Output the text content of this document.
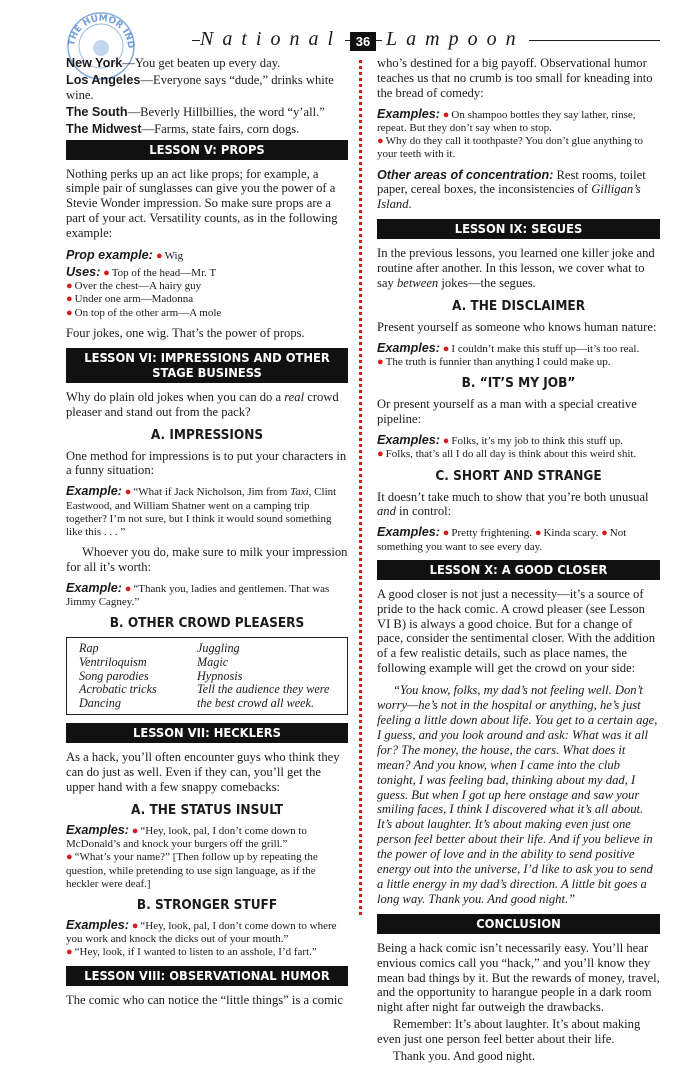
THE HUMOR IND	National	36 Lampoon

New York—You get beaten up every day.

Los Angeles—Everyone says “dude,” drinks white wine.

The South—Beverly Hillbillies, the word “y’all.”

The Midwest—Farms, state fairs, corn dogs.

LESSON V: PROPS

Nothing perks up an act like props; for example, a simple pair of sunglasses can give you the power of a Stevie Wonder impression. So make sure props are a part of your act. Versatility counts, as in the following example:

Prop example: ● Wig

Uses: ● Top of the head—Mr. T

● Over the chest—A hairy guy

● Under one arm—Madonna

● On top of the other arm—A mole

Four jokes, one wig. That’s the power of props.

LESSON VI: IMPRESSIONS AND OTHER
STAGE BUSINESS

Why do plain old jokes when you can do a real crowd pleaser and stand out from the pack?

A. IMPRESSIONS

One method for impressions is to put your characters in a funny situation:

Example: ● “What if Jack Nicholson, Jim from Taxi, Clint Eastwood, and William Shatner went on a camping trip together? I’m not sure, but I think it would sound something like this . . . ”

Whoever you do, make sure to milk your impression for all it’s worth:

Example: ● “Thank you, ladies and gentlemen. That was Jimmy Cagney.”

B. OTHER CROWD PLEASERS
Rap	Juggling
Ventriloquism	Magic
Song parodies	Hypnosis
Acrobatic tricks	Tell the audience they were
Dancing	the best crowd all week.
LESSON VII: HECKLERS

As a hack, you’ll often encounter guys who think they can do just as well. Even if they can, you’ll get the upper hand with a few snappy comebacks:

A. THE STATUS INSULT

Examples: ● “Hey, look, pal, I don’t come down to McDonald’s and knock your burgers off the grill.”

● “What’s your name?” [Then follow up by repeating the question, while pretending to use sign language, as if the heckler were deaf.]

B. STRONGER STUFF

Examples: ● “Hey, look, pal, I don’t come down to where you work and knock the dicks out of your mouth.”

● “Hey, look, if I wanted to listen to an asshole, I’d fart.”

LESSON VIII: OBSERVATIONAL HUMOR

The comic who can notice the “little things” is a comic

who’s destined for a big payoff. Observational humor teaches us that no crumb is too small for kneading into the bread of comedy:

Examples: ● On shampoo bottles they say lather, rinse, repeat. But they don’t say when to stop.

● Why do they call it toothpaste? You don’t glue anything to your teeth with it.

Other areas of concentration: Rest rooms, toilet paper, cereal boxes, the inconsistencies of Gilligan’s Island.

LESSON IX: SEGUES

In the previous lessons, you learned one killer joke and routine after another. In this lesson, we cover what to say between jokes—the segues.

A. THE DISCLAIMER

Present yourself as someone who knows human nature:

Examples: ● I couldn’t make this stuff up—it’s too real.

● The truth is funnier than anything I could make up.

B. “IT’S MY JOB”

Or present yourself as a man with a special creative pipeline:

Examples: ● Folks, it’s my job to think this stuff up.

● Folks, that’s all I do all day is think about this weird shit.

C. SHORT AND STRANGE

It doesn’t take much to show that you’re both unusual and in control:

Examples: ● Pretty frightening. ● Kinda scary. ● Not something you want to see every day.

LESSON X: A GOOD CLOSER

A good closer is not just a necessity—it’s a source of pride to the hack comic. A crowd pleaser (see Lesson VI B) is always a good choice. But for a change of pace, consider the sentimental closer. With the addition of a few realistic details, such as place names, the following example will get the crowd on your side:

“You know, folks, my dad’s not feeling well. Don’t worry—he’s not in the hospital or anything, he’s just feeling a little down about life. You get to a certain age, I guess, and you look around and ask: What was it all for? The money, the house, the cars. What does it mean? And you know, when I came into the club tonight, I was feeling bad, thinking about my dad, I guess. But when I got up here onstage and saw your smiling faces, I think I discovered what it’s all about. It’s about laughter. It’s about making even just one person feel better about their life. And if you believe in the power of love and in the ability to send positive energy out into the universe, I’d like to ask you to send a little energy in my dad’s direction. A little bit goes a long way. Thank you. And good night.”

CONCLUSION

Being a hack comic isn’t necessarily easy. You’ll hear envious comics call you “hack,” and you’ll know they mean bad things by it. But the rewards of money, travel, and the opportunity to harangue people in a dark room night after night far outweigh the drawbacks.

Remember: It’s about laughter. It’s about making even just one person feel better about their life.

Thank you. And good night.
